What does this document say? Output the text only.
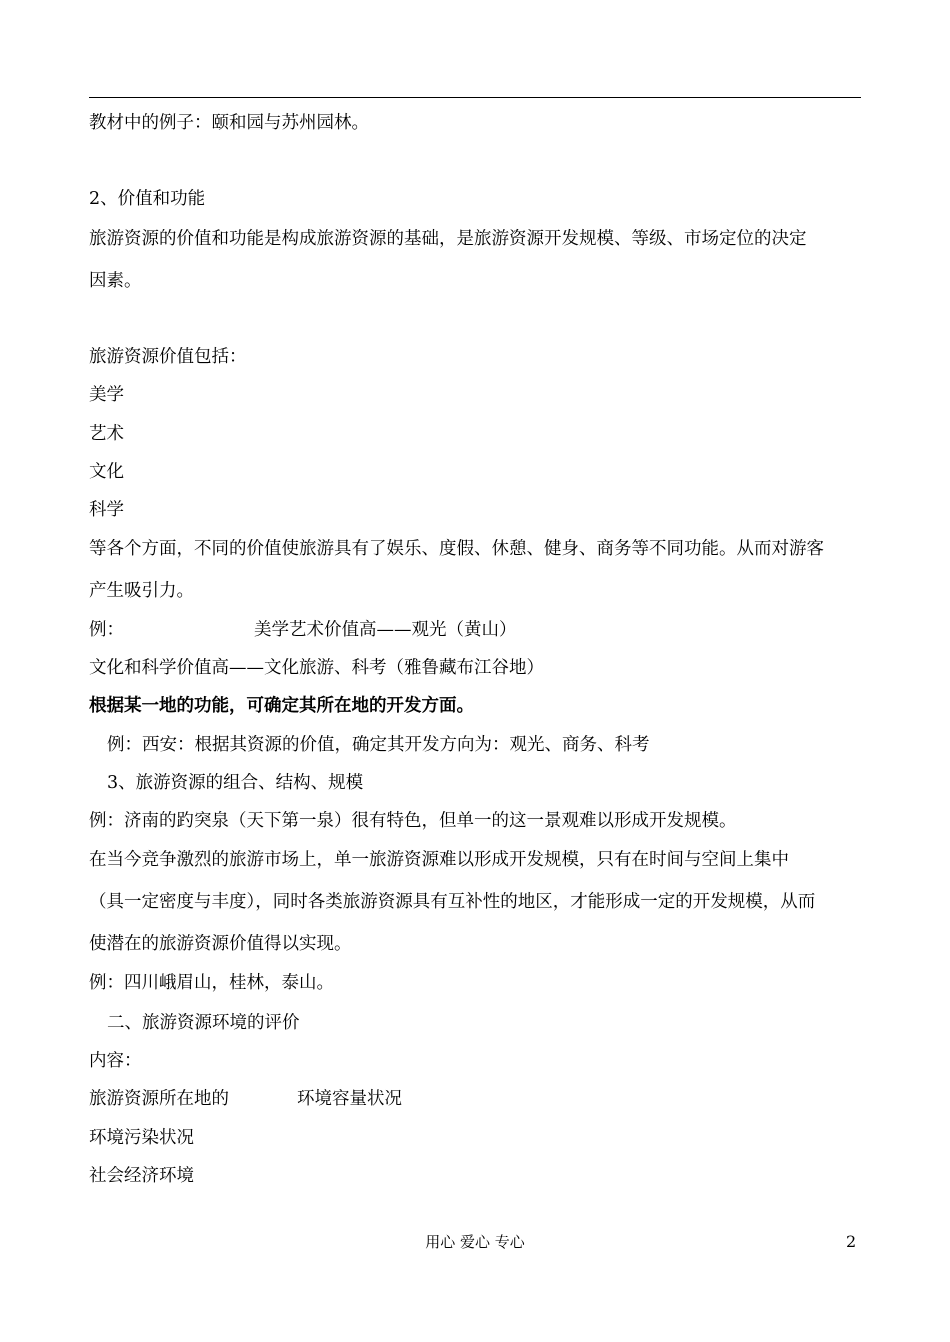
教材中的例子：颐和园与苏州园林。
2、价值和功能
旅游资源的价值和功能是构成旅游资源的基础，是旅游资源开发规模、等级、市场定位的决定
因素。
旅游资源价值包括：
美学
艺术
文化
科学
等各个方面，不同的价值使旅游具有了娱乐、度假、休憩、健身、商务等不同功能。从而对游客
产生吸引力。
例：	美学艺术价值高——观光（黄山）
文化和科学价值高——文化旅游、科考（雅鲁藏布江谷地）
根据某一地的功能，可确定其所在地的开发方面。
例：西安：根据其资源的价值，确定其开发方向为：观光、商务、科考
3、旅游资源的组合、结构、规模
例：济南的趵突泉（天下第一泉）很有特色，但单一的这一景观难以形成开发规模。
在当今竞争激烈的旅游市场上，单一旅游资源难以形成开发规模，只有在时间与空间上集中
（具一定密度与丰度），同时各类旅游资源具有互补性的地区，才能形成一定的开发规模，从而
使潜在的旅游资源价值得以实现。
例：四川峨眉山，桂林，泰山。
二、旅游资源环境的评价
内容：
旅游资源所在地的	环境容量状况
环境污染状况
社会经济环境
用心 爱心 专心	2
